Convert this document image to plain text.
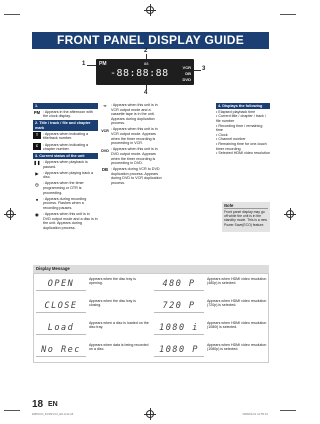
FRONT PANEL DISPLAY GUIDE
PM	88
-88:88:88
VCR
DB
DVD
1
2
3
4
1.
PM : Appears in the afternoon with the clock display.
2. Title / track / file and chapter mark
T	: Appears when indicating a title/track number.
C	: Appears when indicating a chapter number.
3. Current status of the unit
❚❚ : Appears when playback is paused.
▶	: Appears when playing back a disc.
◷	: Appears when the timer programming or OTR is proceeding.
●	: Appears during recording process. Flashes when a recording pauses.
◉	: Appears when this unit is in DVD output mode and a disc is in the unit. Appears during duplication process.
∞	: Appears when this unit is in VCR output mode and a cassette tape is in the unit. Appears during duplication process.
VCR : Appears when this unit is in VCR output mode. Appears when the timer recording is proceeding in VCR.
DVD : Appears when this unit is in DVD output mode. Appears when the timer recording is proceeding in DVD.
DB : Appears during VCR to DVD duplication process. Appears during DVD to VCR duplication process.
4. Displays the following
• Elapsed playback time
• Current title / chapter / track / file number
• Recording time / remaining time
• Clock
• Channel number
• Remaining time for one-touch timer recording
• Selected HDMI video resolution
Note
Front panel display may go off while the unit is in the standby mode. This is a new Power Save(ECO) feature.
Display Message
OPEN	Appears when the disc tray is opening.	480 P	Appears when HDMI video resolution (480p) is selected.
CLOSE	Appears when the disc tray is closing.	720 P	Appears when HDMI video resolution (720p) is selected.
Load	Appears when a disc is loaded on the disc tray.	1080 i	Appears when HDMI video resolution (1080i) is selected.
No Rec	Appears when data is being recorded on a disc.	1080 P	Appears when HDMI video resolution (1080p) is selected.
18 EN
E9PDCD_DVR2VC2_EN.indd 18	2008/01/21 14:55:01
